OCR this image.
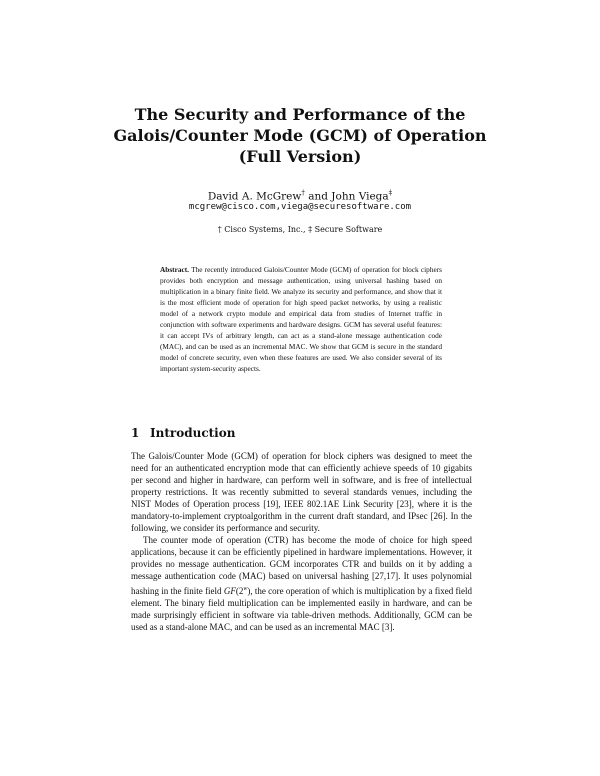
The Security and Performance of the
Galois/Counter Mode (GCM) of Operation
(Full Version)
David A. McGrew† and John Viega‡
mcgrew@cisco.com,viega@securesoftware.com
† Cisco Systems, Inc., ‡ Secure Software
Abstract. The recently introduced Galois/Counter Mode (GCM) of operation for block ciphers provides both encryption and message authentication, using universal hashing based on multiplication in a binary finite field. We analyze its security and performance, and show that it is the most efficient mode of operation for high speed packet networks, by using a realistic model of a network crypto module and empirical data from studies of Internet traffic in conjunction with software experiments and hardware designs. GCM has several useful features: it can accept IVs of arbitrary length, can act as a stand-alone message authentication code (MAC), and can be used as an incremental MAC. We show that GCM is secure in the standard model of concrete security, even when these features are used. We also consider several of its important system-security aspects.
1 Introduction

The Galois/Counter Mode (GCM) of operation for block ciphers was designed to meet the need for an authenticated encryption mode that can efficiently achieve speeds of 10 gigabits per second and higher in hardware, can perform well in software, and is free of intellectual property restrictions. It was recently submitted to several standards venues, including the NIST Modes of Operation process [19], IEEE 802.1AE Link Security [23], where it is the mandatory-to-implement cryptoalgorithm in the current draft standard, and IPsec [26]. In the following, we consider its performance and security.

The counter mode of operation (CTR) has become the mode of choice for high speed applications, because it can be efficiently pipelined in hardware implementations. However, it provides no message authentication. GCM incorporates CTR and builds on it by adding a message authentication code (MAC) based on universal hashing [27,17]. It uses polynomial hashing in the finite field GF(2$^w$), the core operation of which is multiplication by a fixed field element. The binary field multiplication can be implemented easily in hardware, and can be made surprisingly efficient in software via table-driven methods. Additionally, GCM can be used as a stand-alone MAC, and can be used as an incremental MAC [3].
